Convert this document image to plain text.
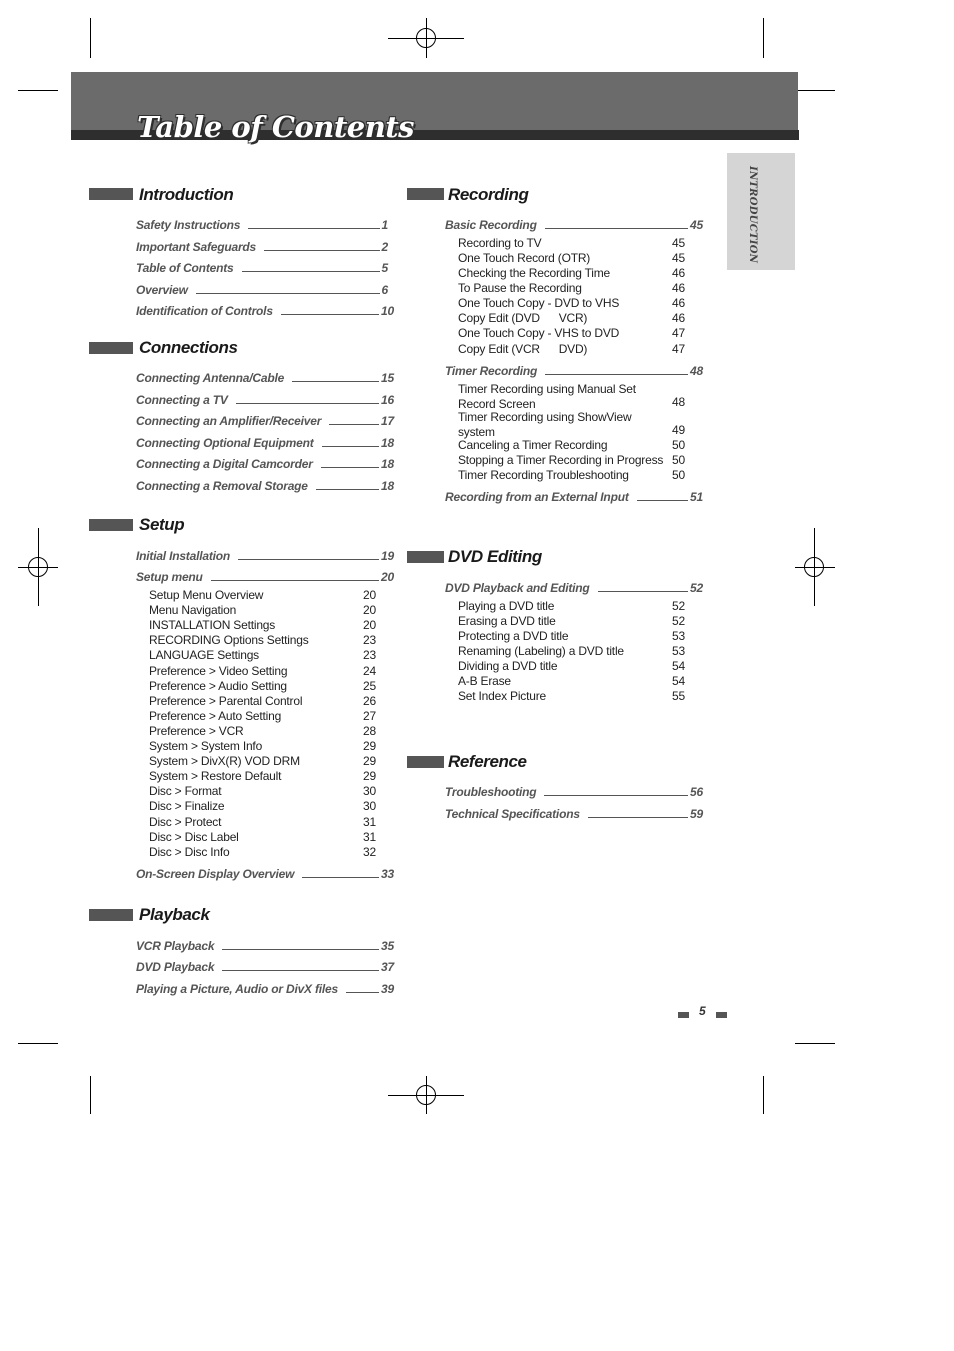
Table of Contents
INTRODUCTION
Introduction
Safety Instructions	1
Important Safeguards	2
Table of Contents	5
Overview	6
Identification of Controls	10
Connections
Connecting Antenna/Cable	15
Connecting a TV	16
Connecting an Amplifier/Receiver	17
Connecting Optional Equipment	18
Connecting a Digital Camcorder	18
Connecting a Removal Storage	18
Setup
Initial Installation	19
Setup menu	20
Setup Menu Overview	20
Menu Navigation	20
INSTALLATION Settings	20
RECORDING Options Settings	23
LANGUAGE Settings	23
Preference > Video Setting	24
Preference > Audio Setting	25
Preference > Parental Control	26
Preference > Auto Setting	27
Preference > VCR	28
System > System Info	29
System > DivX(R) VOD DRM	29
System > Restore Default	29
Disc > Format	30
Disc > Finalize	30
Disc > Protect	31
Disc > Disc Label	31
Disc > Disc Info	32
On-Screen Display Overview	33
Playback
VCR Playback	35
DVD Playback	37
Playing a Picture, Audio or DivX files	39
Recording
Basic Recording	45
Recording to TV	45
One Touch Record (OTR)	45
Checking the Recording Time	46
To Pause the Recording	46
One Touch Copy - DVD to VHS	46
Copy Edit (DVD      VCR)	46
One Touch Copy - VHS to DVD	47
Copy Edit (VCR      DVD)	47
Timer Recording	48
Timer Recording using Manual Set
Record Screen	48
Timer Recording using ShowView
system	49
Canceling a Timer Recording	50
Stopping a Timer Recording in Progress 50
Timer Recording Troubleshooting	50
Recording from an External Input	51
DVD Editing
DVD Playback and Editing	52
Playing a DVD title	52
Erasing a DVD title	52
Protecting a DVD title	53
Renaming (Labeling) a DVD title	53
Dividing a DVD title	54
A-B Erase	54
Set Index Picture	55
Reference
Troubleshooting	56
Technical Specifications	59
5
